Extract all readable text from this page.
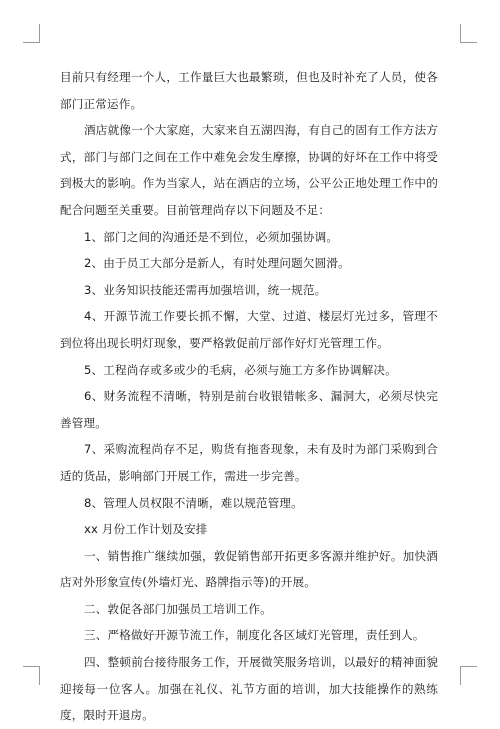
目前只有经理一个人，工作量巨大也最繁琐，但也及时补充了人员，使各部门正常运作。

酒店就像一个大家庭，大家来自五湖四海，有自己的固有工作方法方式，部门与部门之间在工作中难免会发生摩擦，协调的好坏在工作中将受到极大的影响。作为当家人，站在酒店的立场，公平公正地处理工作中的配合问题至关重要。目前管理尚存以下问题及不足：

1、部门之间的沟通还是不到位，必须加强协调。

2、由于员工大部分是新人，有时处理问题欠圆滑。

3、业务知识技能还需再加强培训，统一规范。

4、开源节流工作要长抓不懈，大堂、过道、楼层灯光过多，管理不到位将出现长明灯现象，要严格敦促前厅部作好灯光管理工作。

5、工程尚存或多或少的毛病，必须与施工方多作协调解决。

6、财务流程不清晰，特别是前台收银错帐多、漏洞大，必须尽快完善管理。

7、采购流程尚存不足，购货有拖沓现象，未有及时为部门采购到合适的货品，影响部门开展工作，需进一步完善。

8、管理人员权限不清晰，难以规范管理。

xx 月份工作计划及安排

一、销售推广继续加强，敦促销售部开拓更多客源并维护好。加快酒店对外形象宣传(外墙灯光、路牌指示等)的开展。

二、敦促各部门加强员工培训工作。

三、严格做好开源节流工作，制度化各区域灯光管理，责任到人。

四、整顿前台接待服务工作，开展微笑服务培训，以最好的精神面貌迎接每一位客人。加强在礼仪、礼节方面的培训，加大技能操作的熟练度，限时开退房。
